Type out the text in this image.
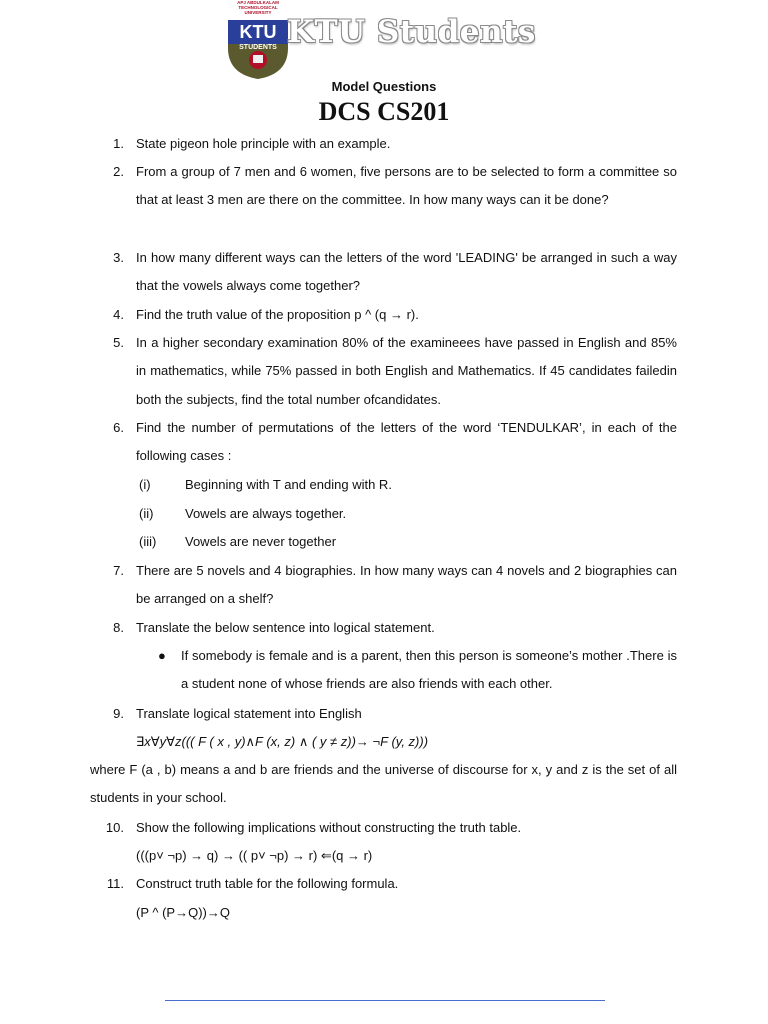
APJ ABDULKALAM TECHNOLOGICAL UNIVERSITY
KTU
STUDENTS KTU Students
Model Questions
DCS CS201
1. State pigeon hole principle with an example.
2. From a group of 7 men and 6 women, five persons are to be selected to form a committee so that at least 3 men are there on the committee. In how many ways can it be done?
3. In how many different ways can the letters of the word 'LEADING' be arranged in such a way that the vowels always come together?
4. Find the truth value of the proposition p ^ (q → r).
5. In a higher secondary examination 80% of the examineees have passed in English and 85% in mathematics, while 75% passed in both English and Mathematics. If 45 candidates failedin both the subjects, find the total number ofcandidates.
6. Find the number of permutations of the letters of the word ‘TENDULKAR’, in each of the following cases :
(i)	Beginning with T and ending with R.
(ii) Vowels are always together.
(iii) Vowels are never together
7. There are 5 novels and 4 biographies. In how many ways can 4 novels and 2 biographies can be arranged on a shelf?
8. Translate the below sentence into logical statement.
● If somebody is female and is a parent, then this person is someone’s mother .There is a student none of whose friends are also friends with each other.
9. Translate logical statement into English
∃x∀y∀z((( F ( x , y)∧F (x, z) ∧ ( y ≠ z))→ ¬F (y, z)))
where F (a , b) means a and b are friends and the universe of discourse for x, y and z is the set of all students in your school.
10. Show the following implications without constructing the truth table.
(((p˅ ¬p) → q) → (( p˅ ¬p) → r) ⇐(q → r)
11. Construct truth table for the following formula.
(P ^ (P→Q))→Q
